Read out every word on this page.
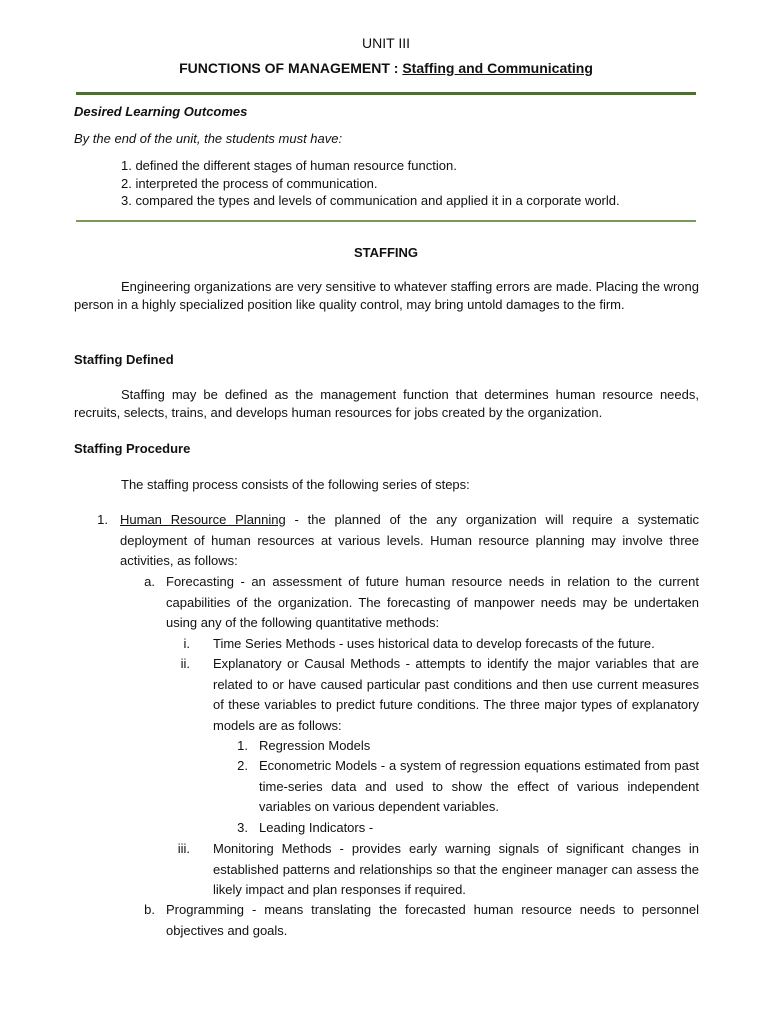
UNIT III
FUNCTIONS OF MANAGEMENT : Staffing and Communicating
Desired Learning Outcomes
By the end of the unit, the students must have:
1. defined the different stages of human resource function.
2. interpreted the process of communication.
3. compared the types and levels of communication and applied it in a corporate world.
STAFFING
Engineering organizations are very sensitive to whatever staffing errors are made. Placing the wrong person in a highly specialized position like quality control, may bring untold damages to the firm.
Staffing Defined
Staffing may be defined as the management function that determines human resource needs, recruits, selects, trains, and develops human resources for jobs created by the organization.
Staffing Procedure
The staffing process consists of the following series of steps:
1. Human Resource Planning - the planned of the any organization will require a systematic deployment of human resources at various levels. Human resource planning may involve three activities, as follows:
a. Forecasting - an assessment of future human resource needs in relation to the current capabilities of the organization. The forecasting of manpower needs may be undertaken using any of the following quantitative methods:
i. Time Series Methods - uses historical data to develop forecasts of the future.
ii. Explanatory or Causal Methods - attempts to identify the major variables that are related to or have caused particular past conditions and then use current measures of these variables to predict future conditions. The three major types of explanatory models are as follows:
1. Regression Models
2. Econometric Models - a system of regression equations estimated from past time-series data and used to show the effect of various independent variables on various dependent variables.
3. Leading Indicators -
iii. Monitoring Methods - provides early warning signals of significant changes in established patterns and relationships so that the engineer manager can assess the likely impact and plan responses if required.
b. Programming - means translating the forecasted human resource needs to personnel objectives and goals.
